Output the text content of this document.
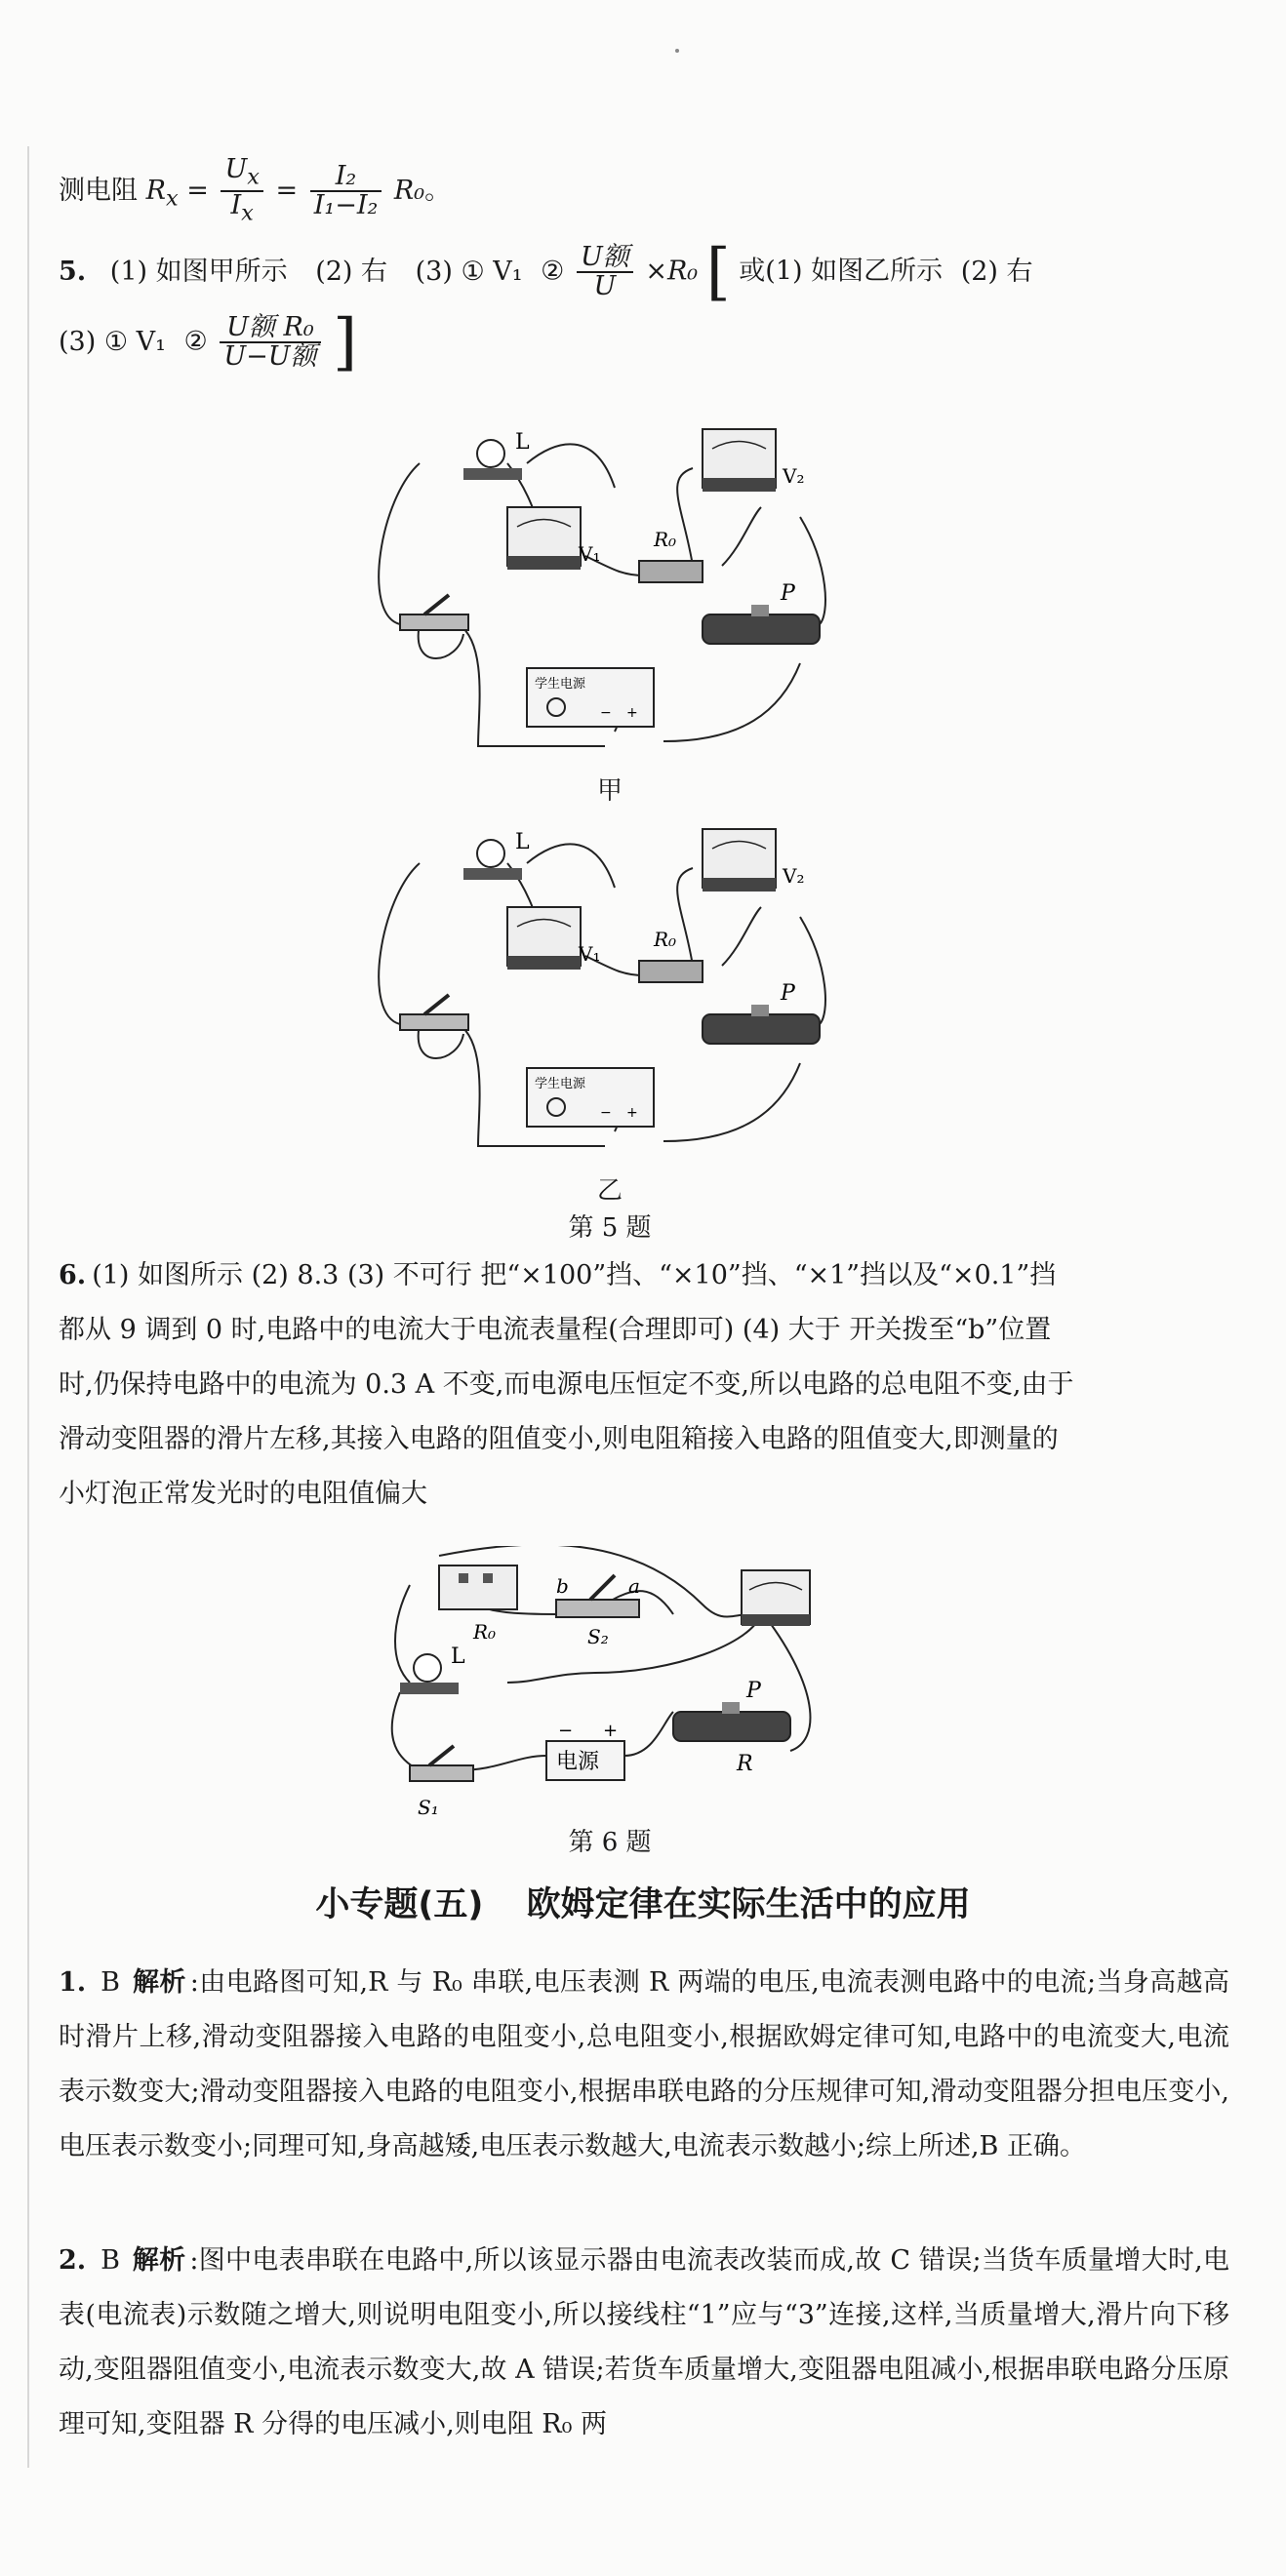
测电阻 $R_x = \frac{U_x}{I_x} = \frac{\text{I₂}}{\text{I₁−I₂}} R_0$。

5. (1) 如图甲所示 (2) 右 (3) ① V₁ ② $\frac{\text{U额}}{U} \times R_0$ [ 或(1) 如图乙所示 (2) 右

(3) ① V₁ ② $\frac{\text{U额 R₀}}{\text{U−U额}}$ ]

L
V₁
V₂
R₀
P
学生电源
− +
甲
L
V₁
V₂
R₀
P
学生电源
− +
乙
第 5 题

6. (1) 如图所示 (2) 8.3 (3) 不可行 把“×100”挡、“×10”挡、“×1”挡以及“×0.1”挡

都从 9 调到 0 时,电路中的电流大于电流表量程(合理即可) (4) 大于 开关拨至“b”位置

时,仍保持电路中的电流为 0.3 A 不变,而电源电压恒定不变,所以电路的总电阻不变,由于

滑动变阻器的滑片左移,其接入电路的阻值变小,则电阻箱接入电路的阻值变大,即测量的

小灯泡正常发光时的电阻值偏大

R₀
b	a
S₂
L
P
R
电源
− +
S₁
第 6 题
小专题(五) 欧姆定律在实际生活中的应用

1. B 解析 :由电路图可知,R 与 R₀ 串联,电压表测 R 两端的电压,电流表测电路中的电流;当身高越高时滑片上移,滑动变阻器接入电路的电阻变小,总电阻变小,根据欧姆定律可知,电路中的电流变大,电流表示数变大;滑动变阻器接入电路的电阻变小,根据串联电路的分压规律可知,滑动变阻器分担电压变小,电压表示数变小;同理可知,身高越矮,电压表示数越大,电流表示数越小;综上所述,B 正确。

2. B 解析 :图中电表串联在电路中,所以该显示器由电流表改装而成,故 C 错误;当货车质量增大时,电表(电流表)示数随之增大,则说明电阻变小,所以接线柱“1”应与“3”连接,这样,当质量增大,滑片向下移动,变阻器阻值变小,电流表示数变大,故 A 错误;若货车质量增大,变阻器电阻减小,根据串联电路分压原理可知,变阻器 R 分得的电压减小,则电阻 R₀ 两
